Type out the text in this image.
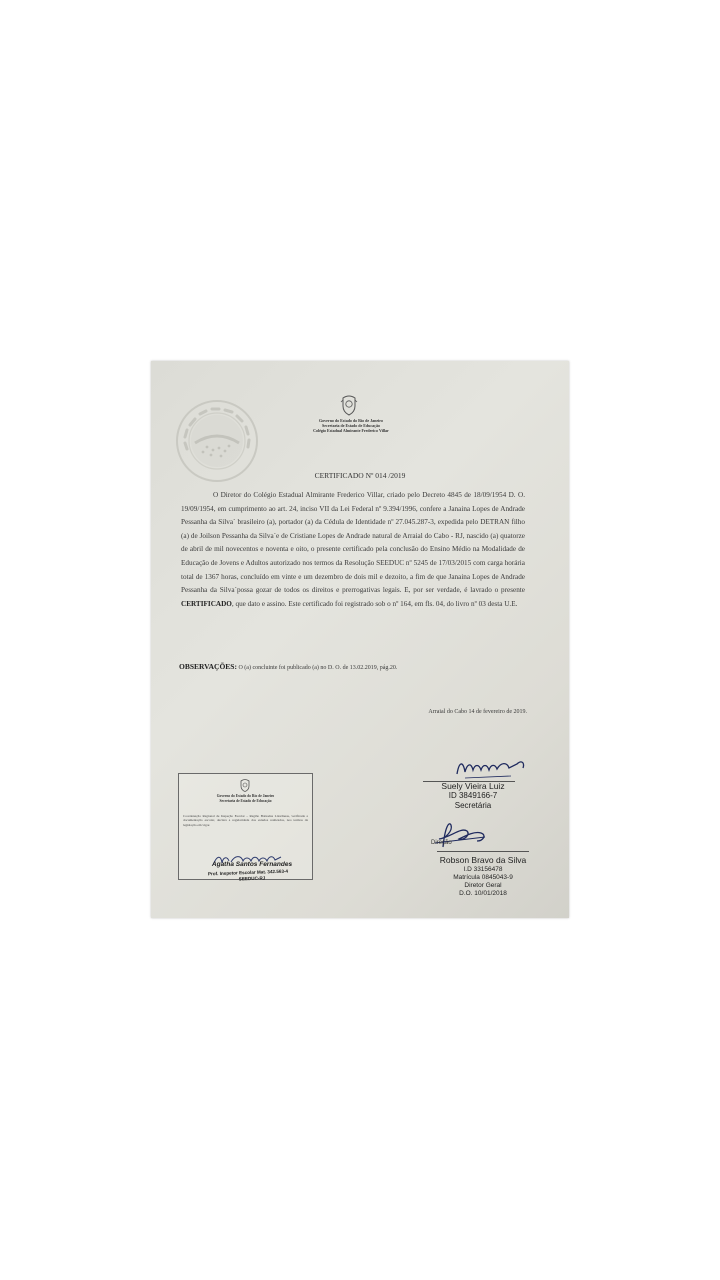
Governo do Estado do Rio de Janeiro
Secretaria de Estado de Educação
Colégio Estadual Almirante Frederico Villar
CERTIFICADO Nº 014 /2019
O Diretor do Colégio Estadual Almirante Frederico Villar, criado pelo Decreto 4845 de 18/09/1954 D. O. 19/09/1954, em cumprimento ao art. 24, inciso VII da Lei Federal nº 9.394/1996, confere a Janaina Lopes de Andrade Pessanha da Silva´ brasileiro (a), portador (a) da Cédula de Identidade nº 27.045.287-3, expedida pelo DETRAN filho (a) de Joilson Pessanha da Silva´e de Cristiane Lopes de Andrade natural de Arraial do Cabo - RJ, nascido (a) quatorze de abril de mil novecentos e noventa e oito, o presente certificado pela conclusão do Ensino Médio na Modalidade de Educação de Jovens e Adultos autorizado nos termos da Resolução SEEDUC nº 5245 de 17/03/2015 com carga horária total de 1367 horas, concluído em vinte e um dezembro de dois mil e dezoito, a fim de que Janaina Lopes de Andrade Pessanha da Silva´possa gozar de todos os direitos e prerrogativas legais. E, por ser verdade, é lavrado o presente CERTIFICADO, que dato e assino. Este certificado foi registrado sob o nº 164, em fls. 04, do livro nº 03 desta U.E.
OBSERVAÇÕES: O (a) concluinte foi publicado (a) no D. O. de 13.02.2019, pág.20.
Arraial do Cabo 14 de fevereiro de 2019.
Governo do Estado do Rio de Janeiro
Secretaria de Estado de Educação
Coordenação Regional de Inspeção Escolar – Região Baixadas Litorâneas, verificada a documentação escolar, declara a regularidade dos estudos realizados, nos termos da legislação em vigor.
Agatha Santos Fernandes
Prof. Inspetor Escolar Mat. 342.563-4
SEEDUC-RJ
Suely Vieira Luiz
ID 3849166-7
Secretária
Direção
Robson Bravo da Silva
I.D 33156478
Matrícula 0845043-9
Diretor Geral
D.O. 10/01/2018
